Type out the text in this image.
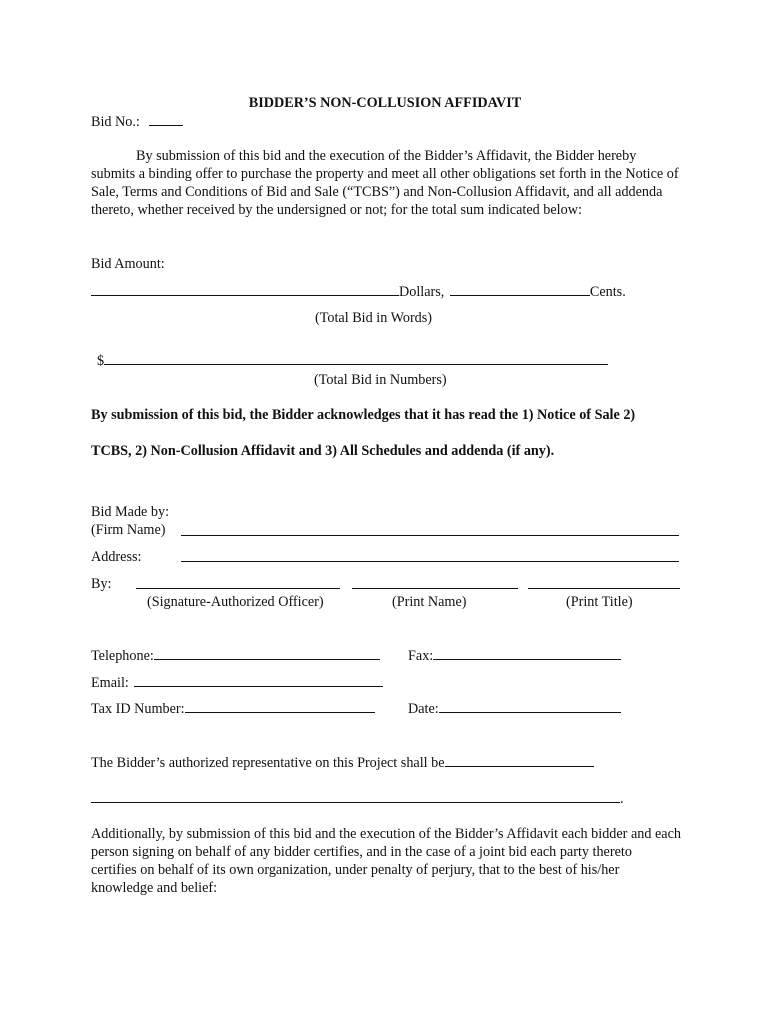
BIDDER’S NON-COLLUSION AFFIDAVIT
Bid No.:
By submission of this bid and the execution of the Bidder’s Affidavit, the Bidder hereby submits a binding offer to purchase the property and meet all other obligations set forth in the Notice of Sale, Terms and Conditions of Bid and Sale (“TCBS”) and Non-Collusion Affidavit, and all addenda thereto, whether received by the undersigned or not; for the total sum indicated below:
Bid Amount:
Dollars,	Cents.
(Total Bid in Words)
$
(Total Bid in Numbers)
By submission of this bid, the Bidder acknowledges that it has read the 1) Notice of Sale 2)
TCBS, 2) Non-Collusion Affidavit and 3) All Schedules and addenda (if any).
Bid Made by:
(Firm Name)
Address:
By:
(Signature-Authorized Officer)	(Print Name)	(Print Title)
Telephone:	Fax:
Email:
Tax ID Number:	Date:
The Bidder’s authorized representative on this Project shall be
.
Additionally, by submission of this bid and the execution of the Bidder’s Affidavit each bidder and each person signing on behalf of any bidder certifies, and in the case of a joint bid each party thereto certifies on behalf of its own organization, under penalty of perjury, that to the best of his/her knowledge and belief:
